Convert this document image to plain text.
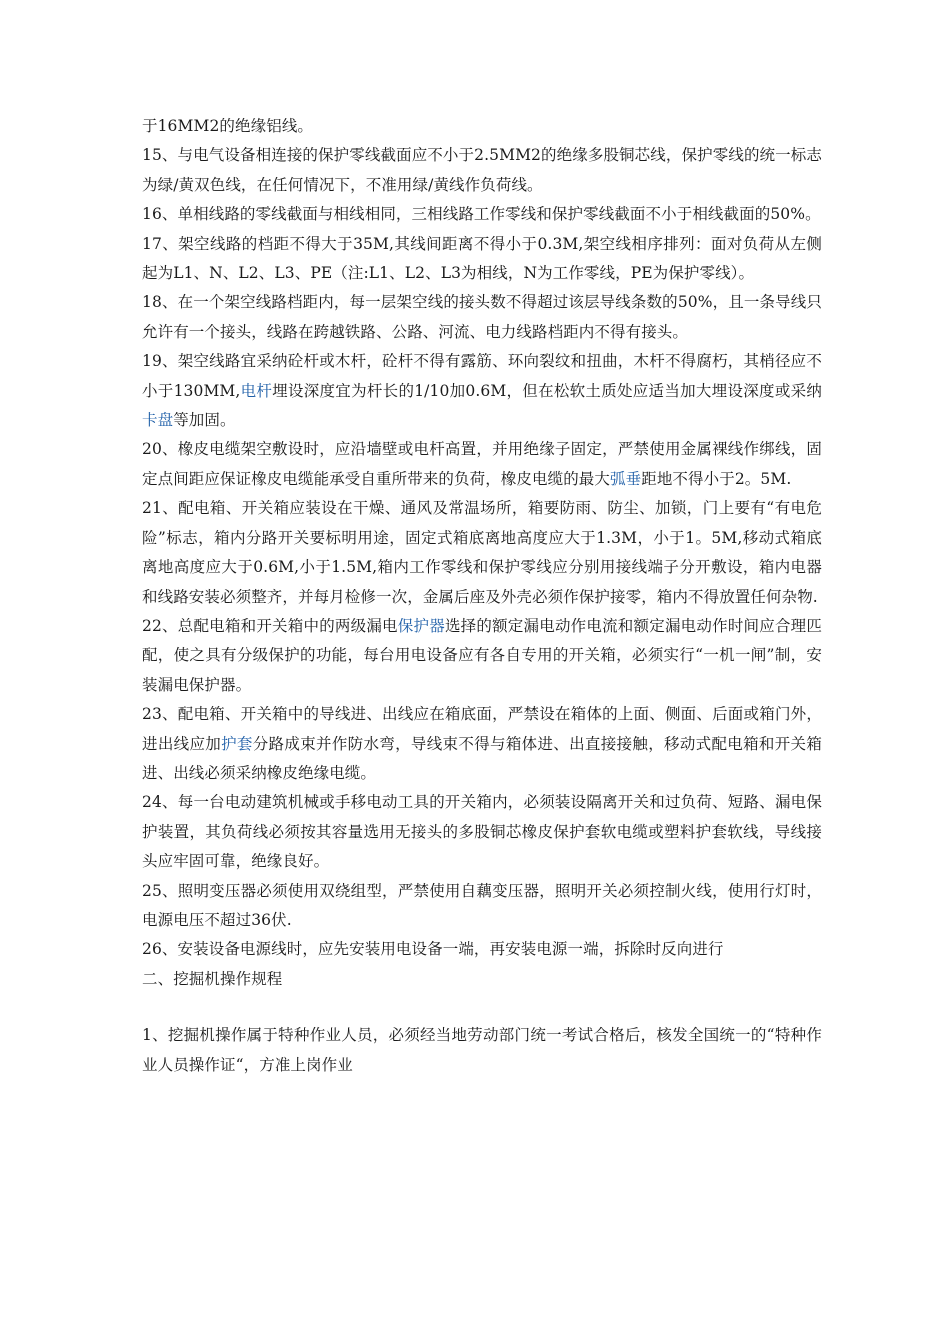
于16MM2的绝缘铝线。

15、与电气设备相连接的保护零线截面应不小于2.5MM2的绝缘多股铜芯线，保护零线的统一标志为绿/黄双色线，在任何情况下，不准用绿/黄线作负荷线。

16、单相线路的零线截面与相线相同，三相线路工作零线和保护零线截面不小于相线截面的50%。

17、架空线路的档距不得大于35M,其线间距离不得小于0.3M,架空线相序排列：面对负荷从左侧起为L1、N、L2、L3、PE（注:L1、L2、L3为相线，N为工作零线，PE为保护零线）。

18、在一个架空线路档距内，每一层架空线的接头数不得超过该层导线条数的50%，且一条导线只允许有一个接头，线路在跨越铁路、公路、河流、电力线路档距内不得有接头。

19、架空线路宜采纳砼杆或木杆，砼杆不得有露筋、环向裂纹和扭曲，木杆不得腐朽，其梢径应不小于130MM,电杆埋设深度宜为杆长的1/10加0.6M，但在松软土质处应适当加大埋设深度或采纳卡盘等加固。

20、橡皮电缆架空敷设时，应沿墙壁或电杆高置，并用绝缘子固定，严禁使用金属裸线作绑线，固定点间距应保证橡皮电缆能承受自重所带来的负荷，橡皮电缆的最大弧垂距地不得小于2。5M.

21、配电箱、开关箱应装设在干燥、通风及常温场所，箱要防雨、防尘、加锁，门上要有“有电危险”标志，箱内分路开关要标明用途，固定式箱底离地高度应大于1.3M，小于1。5M,移动式箱底离地高度应大于0.6M,小于1.5M,箱内工作零线和保护零线应分别用接线端子分开敷设，箱内电器和线路安装必须整齐，并每月检修一次，金属后座及外壳必须作保护接零，箱内不得放置任何杂物.

22、总配电箱和开关箱中的两级漏电保护器选择的额定漏电动作电流和额定漏电动作时间应合理匹配，使之具有分级保护的功能，每台用电设备应有各自专用的开关箱，必须实行“一机一闸”制，安装漏电保护器。

23、配电箱、开关箱中的导线进、出线应在箱底面，严禁设在箱体的上面、侧面、后面或箱门外，进出线应加护套分路成束并作防水弯，导线束不得与箱体进、出直接接触，移动式配电箱和开关箱进、出线必须采纳橡皮绝缘电缆。

24、每一台电动建筑机械或手移电动工具的开关箱内，必须装设隔离开关和过负荷、短路、漏电保护装置，其负荷线必须按其容量选用无接头的多股铜芯橡皮保护套软电缆或塑料护套软线，导线接头应牢固可靠，绝缘良好。

25、照明变压器必须使用双绕组型，严禁使用自藕变压器，照明开关必须控制火线，使用行灯时，电源电压不超过36伏.

26、安装设备电源线时，应先安装用电设备一端，再安装电源一端，拆除时反向进行

二、挖掘机操作规程

1、挖掘机操作属于特种作业人员，必须经当地劳动部门统一考试合格后，核发全国统一的“特种作业人员操作证“，方准上岗作业
